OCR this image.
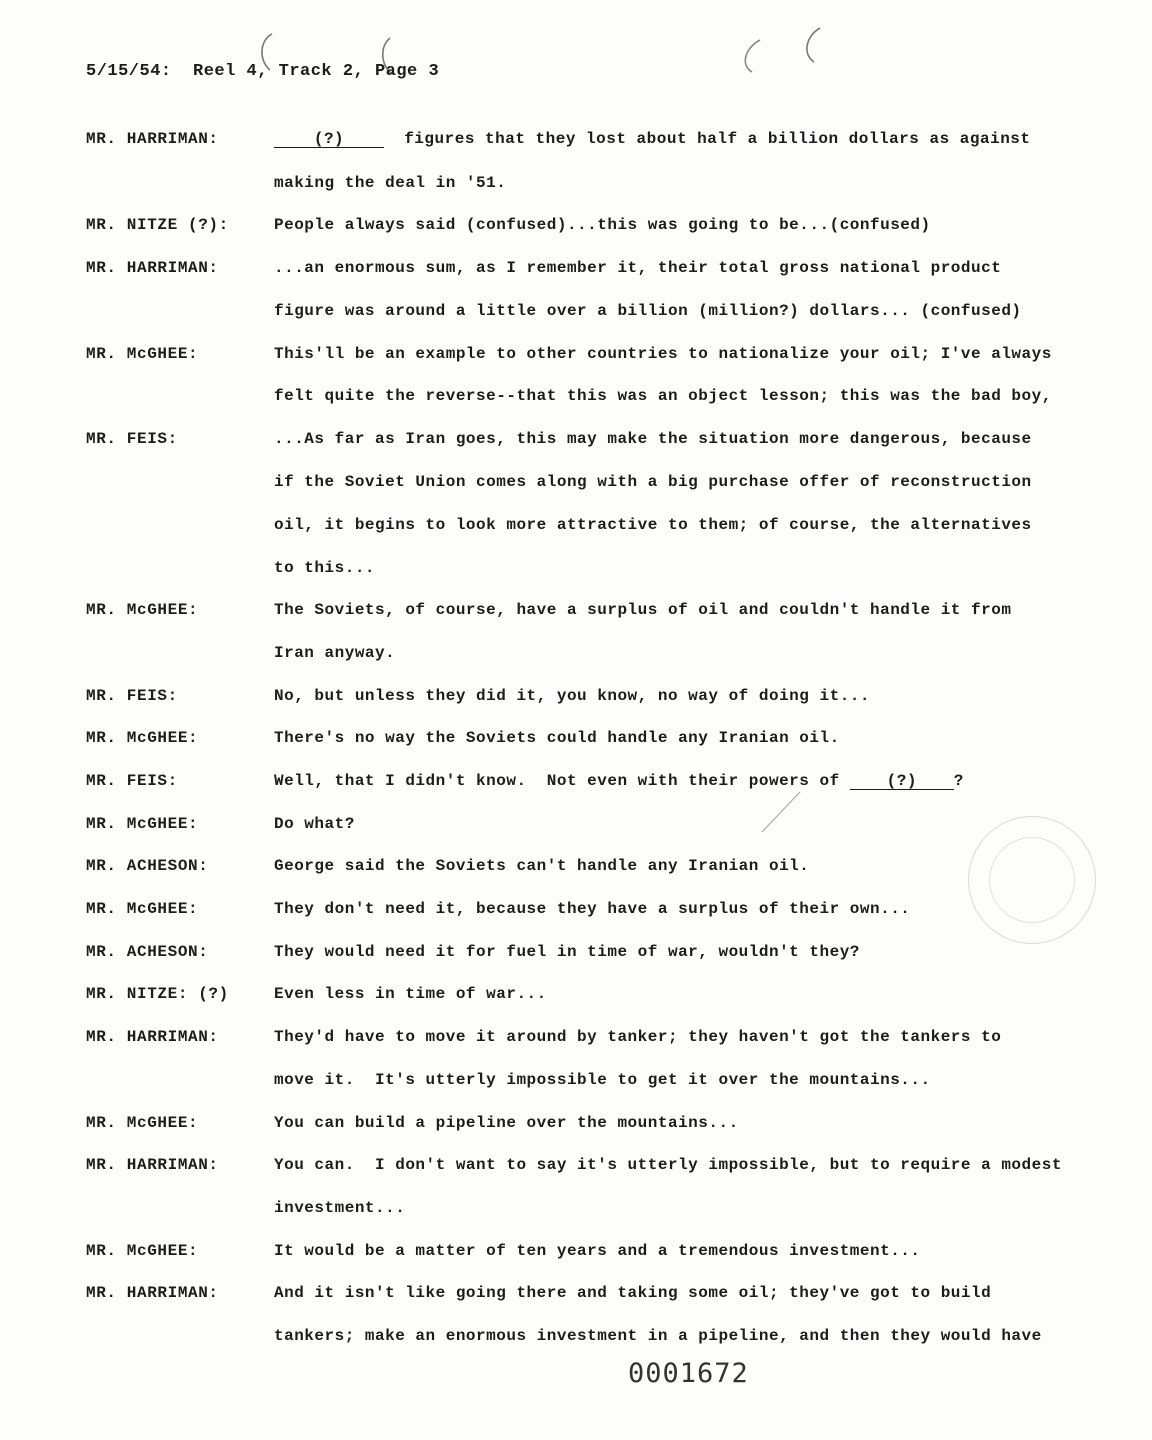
5/15/54:  Reel 4, Track 2, Page 3
MR. HARRIMAN:	(?)	figures that they lost about half a billion dollars as against
making the deal in '51.
MR. NITZE (?):	People always said (confused)...this was going to be...(confused)
MR. HARRIMAN:	...an enormous sum, as I remember it, their total gross national product
figure was around a little over a billion (million?) dollars... (confused)
MR. McGHEE:	This'll be an example to other countries to nationalize your oil; I've always
felt quite the reverse--that this was an object lesson; this was the bad boy,
MR. FEIS:	...As far as Iran goes, this may make the situation more dangerous, because
if the Soviet Union comes along with a big purchase offer of reconstruction
oil, it begins to look more attractive to them; of course, the alternatives
to this...
MR. McGHEE:	The Soviets, of course, have a surplus of oil and couldn't handle it from
Iran anyway.
MR. FEIS:	No, but unless they did it, you know, no way of doing it...
MR. McGHEE:	There's no way the Soviets could handle any Iranian oil.
MR. FEIS:	Well, that I didn't know.  Not even with their powers of	(?) ?
MR. McGHEE:	Do what?
MR. ACHESON:	George said the Soviets can't handle any Iranian oil.
MR. McGHEE:	They don't need it, because they have a surplus of their own...
MR. ACHESON:	They would need it for fuel in time of war, wouldn't they?
MR. NITZE: (?)	Even less in time of war...
MR. HARRIMAN:	They'd have to move it around by tanker; they haven't got the tankers to
move it.  It's utterly impossible to get it over the mountains...
MR. McGHEE:	You can build a pipeline over the mountains...
MR. HARRIMAN:	You can.  I don't want to say it's utterly impossible, but to require a modest
investment...
MR. McGHEE:	It would be a matter of ten years and a tremendous investment...
MR. HARRIMAN:	And it isn't like going there and taking some oil; they've got to build
tankers; make an enormous investment in a pipeline, and then they would have
0001672
